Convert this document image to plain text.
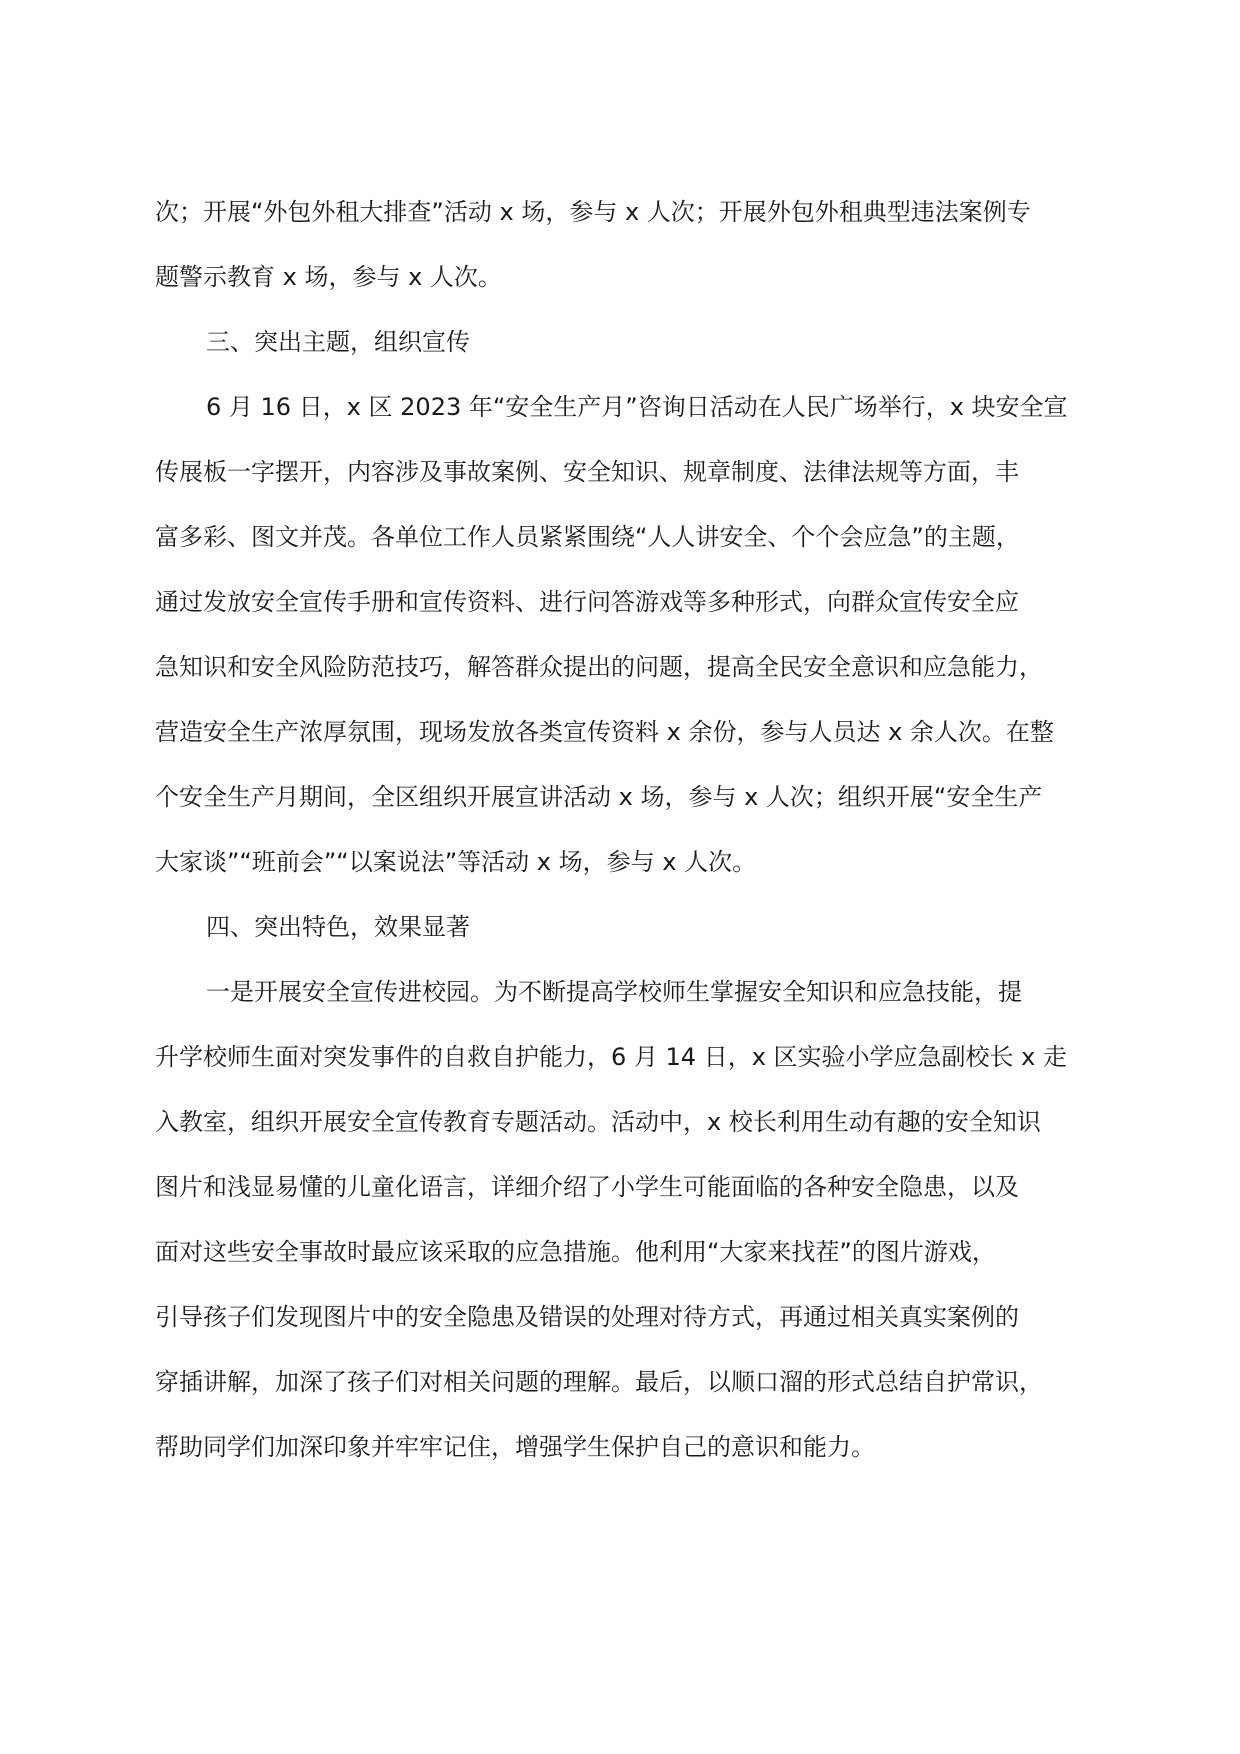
次；开展“外包外租大排查”活动 x 场，参与 x 人次；开展外包外租典型违法案例专
题警示教育 x 场，参与 x 人次。
三、突出主题，组织宣传
6 月 16 日，x 区 2023 年“安全生产月”咨询日活动在人民广场举行，x 块安全宣
传展板一字摆开，内容涉及事故案例、安全知识、规章制度、法律法规等方面，丰
富多彩、图文并茂。各单位工作人员紧紧围绕“人人讲安全、个个会应急”的主题，
通过发放安全宣传手册和宣传资料、进行问答游戏等多种形式，向群众宣传安全应
急知识和安全风险防范技巧，解答群众提出的问题，提高全民安全意识和应急能力，
营造安全生产浓厚氛围，现场发放各类宣传资料 x 余份，参与人员达 x 余人次。在整
个安全生产月期间，全区组织开展宣讲活动 x 场，参与 x 人次；组织开展“安全生产
大家谈”“班前会”“以案说法”等活动 x 场，参与 x 人次。
四、突出特色，效果显著
一是开展安全宣传进校园。为不断提高学校师生掌握安全知识和应急技能，提
升学校师生面对突发事件的自救自护能力，6 月 14 日，x 区实验小学应急副校长 x 走
入教室，组织开展安全宣传教育专题活动。活动中，x 校长利用生动有趣的安全知识
图片和浅显易懂的儿童化语言，详细介绍了小学生可能面临的各种安全隐患，以及
面对这些安全事故时最应该采取的应急措施。他利用“大家来找茬”的图片游戏，
引导孩子们发现图片中的安全隐患及错误的处理对待方式，再通过相关真实案例的
穿插讲解，加深了孩子们对相关问题的理解。最后，以顺口溜的形式总结自护常识，
帮助同学们加深印象并牢牢记住，增强学生保护自己的意识和能力。
